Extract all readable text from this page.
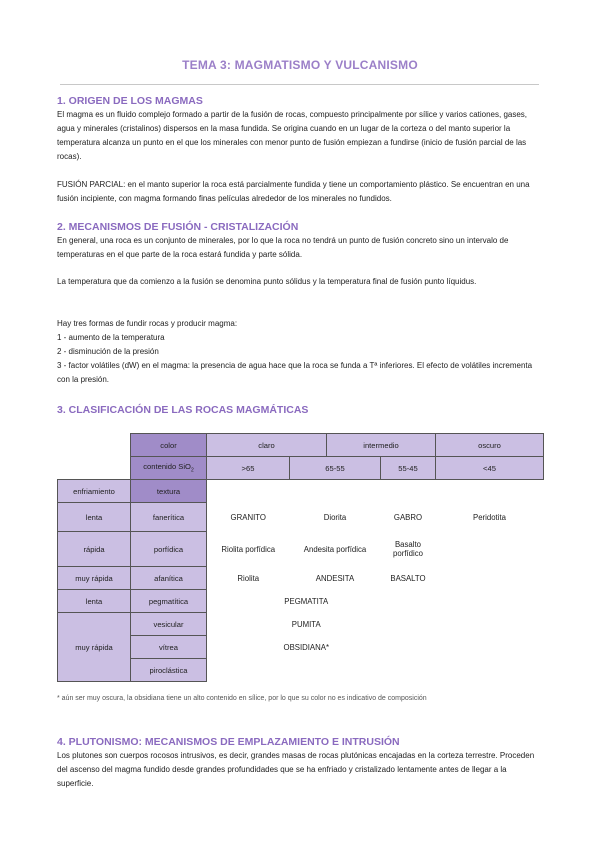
TEMA 3: MAGMATISMO Y VULCANISMO
1. ORIGEN DE LOS MAGMAS
El magma es un fluido complejo formado a partir de la fusión de rocas, compuesto principalmente por sílice y varios cationes, gases, agua y minerales (cristalinos) dispersos en la masa fundida. Se origina cuando en un lugar de la corteza o del manto superior la temperatura alcanza un punto en el que los minerales con menor punto de fusión empiezan a fundirse (inicio de fusión parcial de las rocas).
FUSIÓN PARCIAL: en el manto superior la roca está parcialmente fundida y tiene un comportamiento plástico. Se encuentran en una fusión incipiente, con magma formando finas películas alrededor de los minerales no fundidos.
2. MECANISMOS DE FUSIÓN - CRISTALIZACIÓN
En general, una roca es un conjunto de minerales, por lo que la roca no tendrá un punto de fusión concreto sino un intervalo de temperaturas en el que parte de la roca estará fundida y parte sólida.
La temperatura que da comienzo a la fusión se denomina punto sólidus y la temperatura final de fusión punto líquidus.
Hay tres formas de fundir rocas y producir magma:
1 - aumento de la temperatura
2 - disminución de la presión
3 - factor volátiles (dW) en el magma: la presencia de agua hace que la roca se funda a Tª inferiores. El efecto de volátiles incrementa con la presión.
3. CLASIFICACIÓN DE LAS ROCAS MAGMÁTICAS
	color	claro		intermedio		oscuro
	contenido SiO$_2$	>65	65-55		55-45	<45
enfriamiento	textura					
lenta	fanerítica	GRANITO	Diorita		GABRO	Peridotita
rápida	porfídica	Riolita porfídica	Andesita porfídica		Basalto porfídico	
muy rápida	afanítica	Riolita	ANDESITA		BASALTO	
lenta	pegmatítica	PEGMATITA				
muy rápida	vesicular	PUMITA				
	vítrea	OBSIDIANA*				
	piroclástica					
* aún ser muy oscura, la obsidiana tiene un alto contenido en sílice, por lo que su color no es indicativo de composición
4. PLUTONISMO: MECANISMOS DE EMPLAZAMIENTO E INTRUSIÓN
Los plutones son cuerpos rocosos intrusivos, es decir, grandes masas de rocas plutónicas encajadas en la corteza terrestre. Proceden del ascenso del magma fundido desde grandes profundidades que se ha enfriado y cristalizado lentamente antes de llegar a la superficie.
